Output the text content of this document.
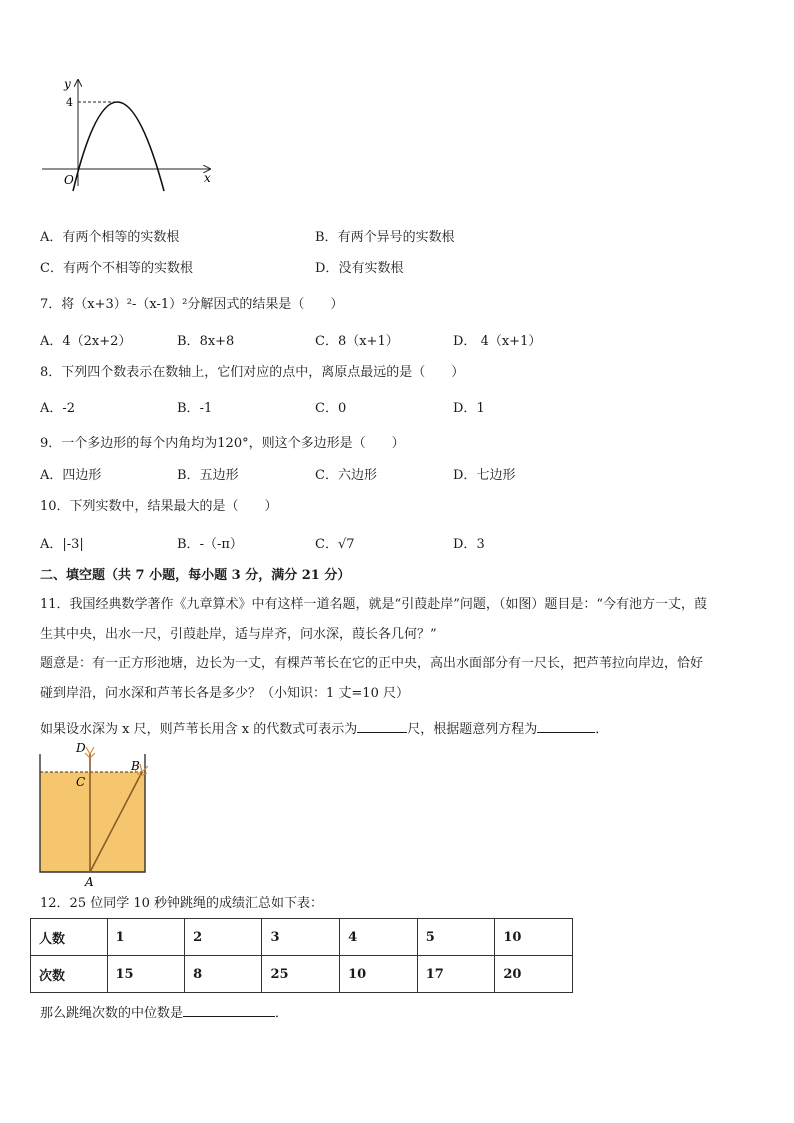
y
x
O
4
A．有两个相等的实数根	B．有两个异号的实数根
C．有两个不相等的实数根	D．没有实数根
7．将（x+3）²-（x-1）²分解因式的结果是（　　）
A．4（2x+2）	B．8x+8	C．8（x+1）	D． 4（x+1）
8．下列四个数表示在数轴上，它们对应的点中，离原点最远的是（　　）
A．-2	B．-1	C．0	D．1
9．一个多边形的每个内角均为120°，则这个多边形是（　　）
A．四边形	B．五边形	C．六边形	D．七边形
10．下列实数中，结果最大的是（　　）
A．|-3|	B．-（-π）	C．√7	D．3
二、填空题（共 7 小题，每小题 3 分，满分 21 分）
11．我国经典数学著作《九章算术》中有这样一道名题，就是“引葭赴岸”问题，（如图）题目是：“今有池方一丈，葭
生其中央，出水一尺，引葭赴岸，适与岸齐，问水深，葭长各几何？”
题意是：有一正方形池塘，边长为一丈，有棵芦苇长在它的正中央，高出水面部分有一尺长，把芦苇拉向岸边，恰好
碰到岸沿，问水深和芦苇长各是多少？（小知识：1 丈=10 尺）
如果设水深为 x 尺，则芦苇长用含 x 的代数式可表示为	尺，根据题意列方程为	．
D
C
B
A
12．25 位同学 10 秒钟跳绳的成绩汇总如下表：
人数	1	2	3	4	5	10
次数	15	8	25	10	17	20
那么跳绳次数的中位数是	．
